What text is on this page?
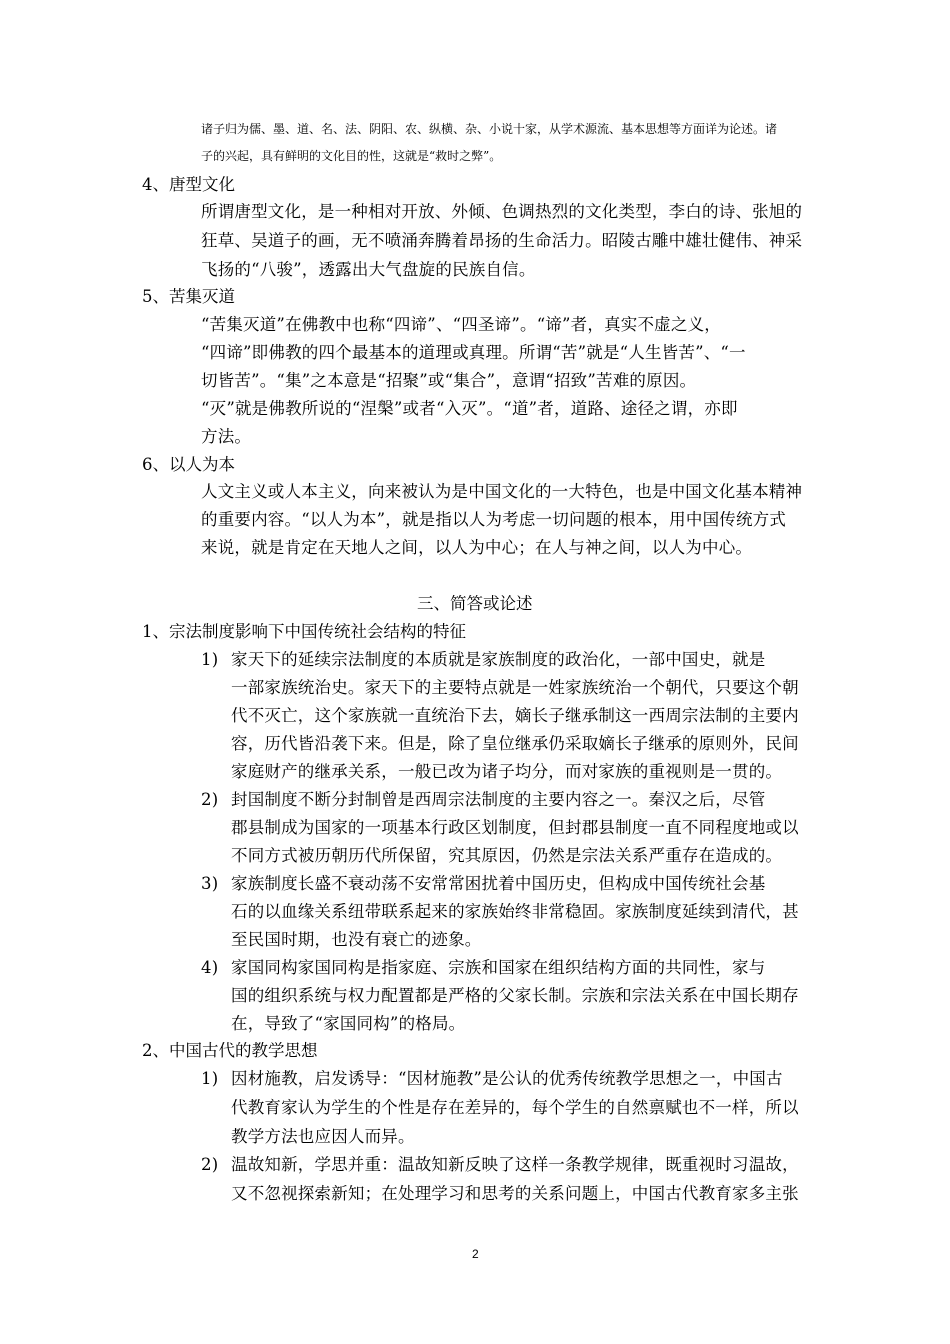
诸子归为儒、墨、道、名、法、阴阳、农、纵横、杂、小说十家，从学术源流、基本思想等方面详为论述。诸
子的兴起，具有鲜明的文化目的性，这就是“救时之弊”。
4、唐型文化
所谓唐型文化，是一种相对开放、外倾、色调热烈的文化类型，李白的诗、张旭的
狂草、吴道子的画，无不喷涌奔腾着昂扬的生命活力。昭陵古雕中雄壮健伟、神采
飞扬的“八骏”，透露出大气盘旋的民族自信。
5、苦集灭道
“苦集灭道”在佛教中也称“四谛”、“四圣谛”。“谛”者，真实不虚之义，
“四谛”即佛教的四个最基本的道理或真理。所谓“苦”就是“人生皆苦”、“一
切皆苦”。“集”之本意是“招聚”或“集合”，意谓“招致”苦难的原因。
“灭”就是佛教所说的“涅槃”或者“入灭”。“道”者，道路、途径之谓，亦即
方法。
6、以人为本
人文主义或人本主义，向来被认为是中国文化的一大特色，也是中国文化基本精神
的重要内容。“以人为本”，就是指以人为考虑一切问题的根本，用中国传统方式
来说，就是肯定在天地人之间，以人为中心；在人与神之间，以人为中心。
三、简答或论述
1、宗法制度影响下中国传统社会结构的特征
1) 家天下的延续宗法制度的本质就是家族制度的政治化，一部中国史，就是
一部家族统治史。家天下的主要特点就是一姓家族统治一个朝代，只要这个朝
代不灭亡，这个家族就一直统治下去，嫡长子继承制这一西周宗法制的主要内
容，历代皆沿袭下来。但是，除了皇位继承仍采取嫡长子继承的原则外，民间
家庭财产的继承关系，一般已改为诸子均分，而对家族的重视则是一贯的。
2) 封国制度不断分封制曾是西周宗法制度的主要内容之一。秦汉之后，尽管
郡县制成为国家的一项基本行政区划制度，但封郡县制度一直不同程度地或以
不同方式被历朝历代所保留，究其原因，仍然是宗法关系严重存在造成的。
3) 家族制度长盛不衰动荡不安常常困扰着中国历史，但构成中国传统社会基
石的以血缘关系纽带联系起来的家族始终非常稳固。家族制度延续到清代，甚
至民国时期，也没有衰亡的迹象。
4) 家国同构家国同构是指家庭、宗族和国家在组织结构方面的共同性，家与
国的组织系统与权力配置都是严格的父家长制。宗族和宗法关系在中国长期存
在，导致了“家国同构”的格局。
2、中国古代的教学思想
1) 因材施教，启发诱导：“因材施教”是公认的优秀传统教学思想之一，中国古
代教育家认为学生的个性是存在差异的，每个学生的自然禀赋也不一样，所以
教学方法也应因人而异。
2) 温故知新，学思并重：温故知新反映了这样一条教学规律，既重视时习温故，
又不忽视探索新知；在处理学习和思考的关系问题上，中国古代教育家多主张
2
